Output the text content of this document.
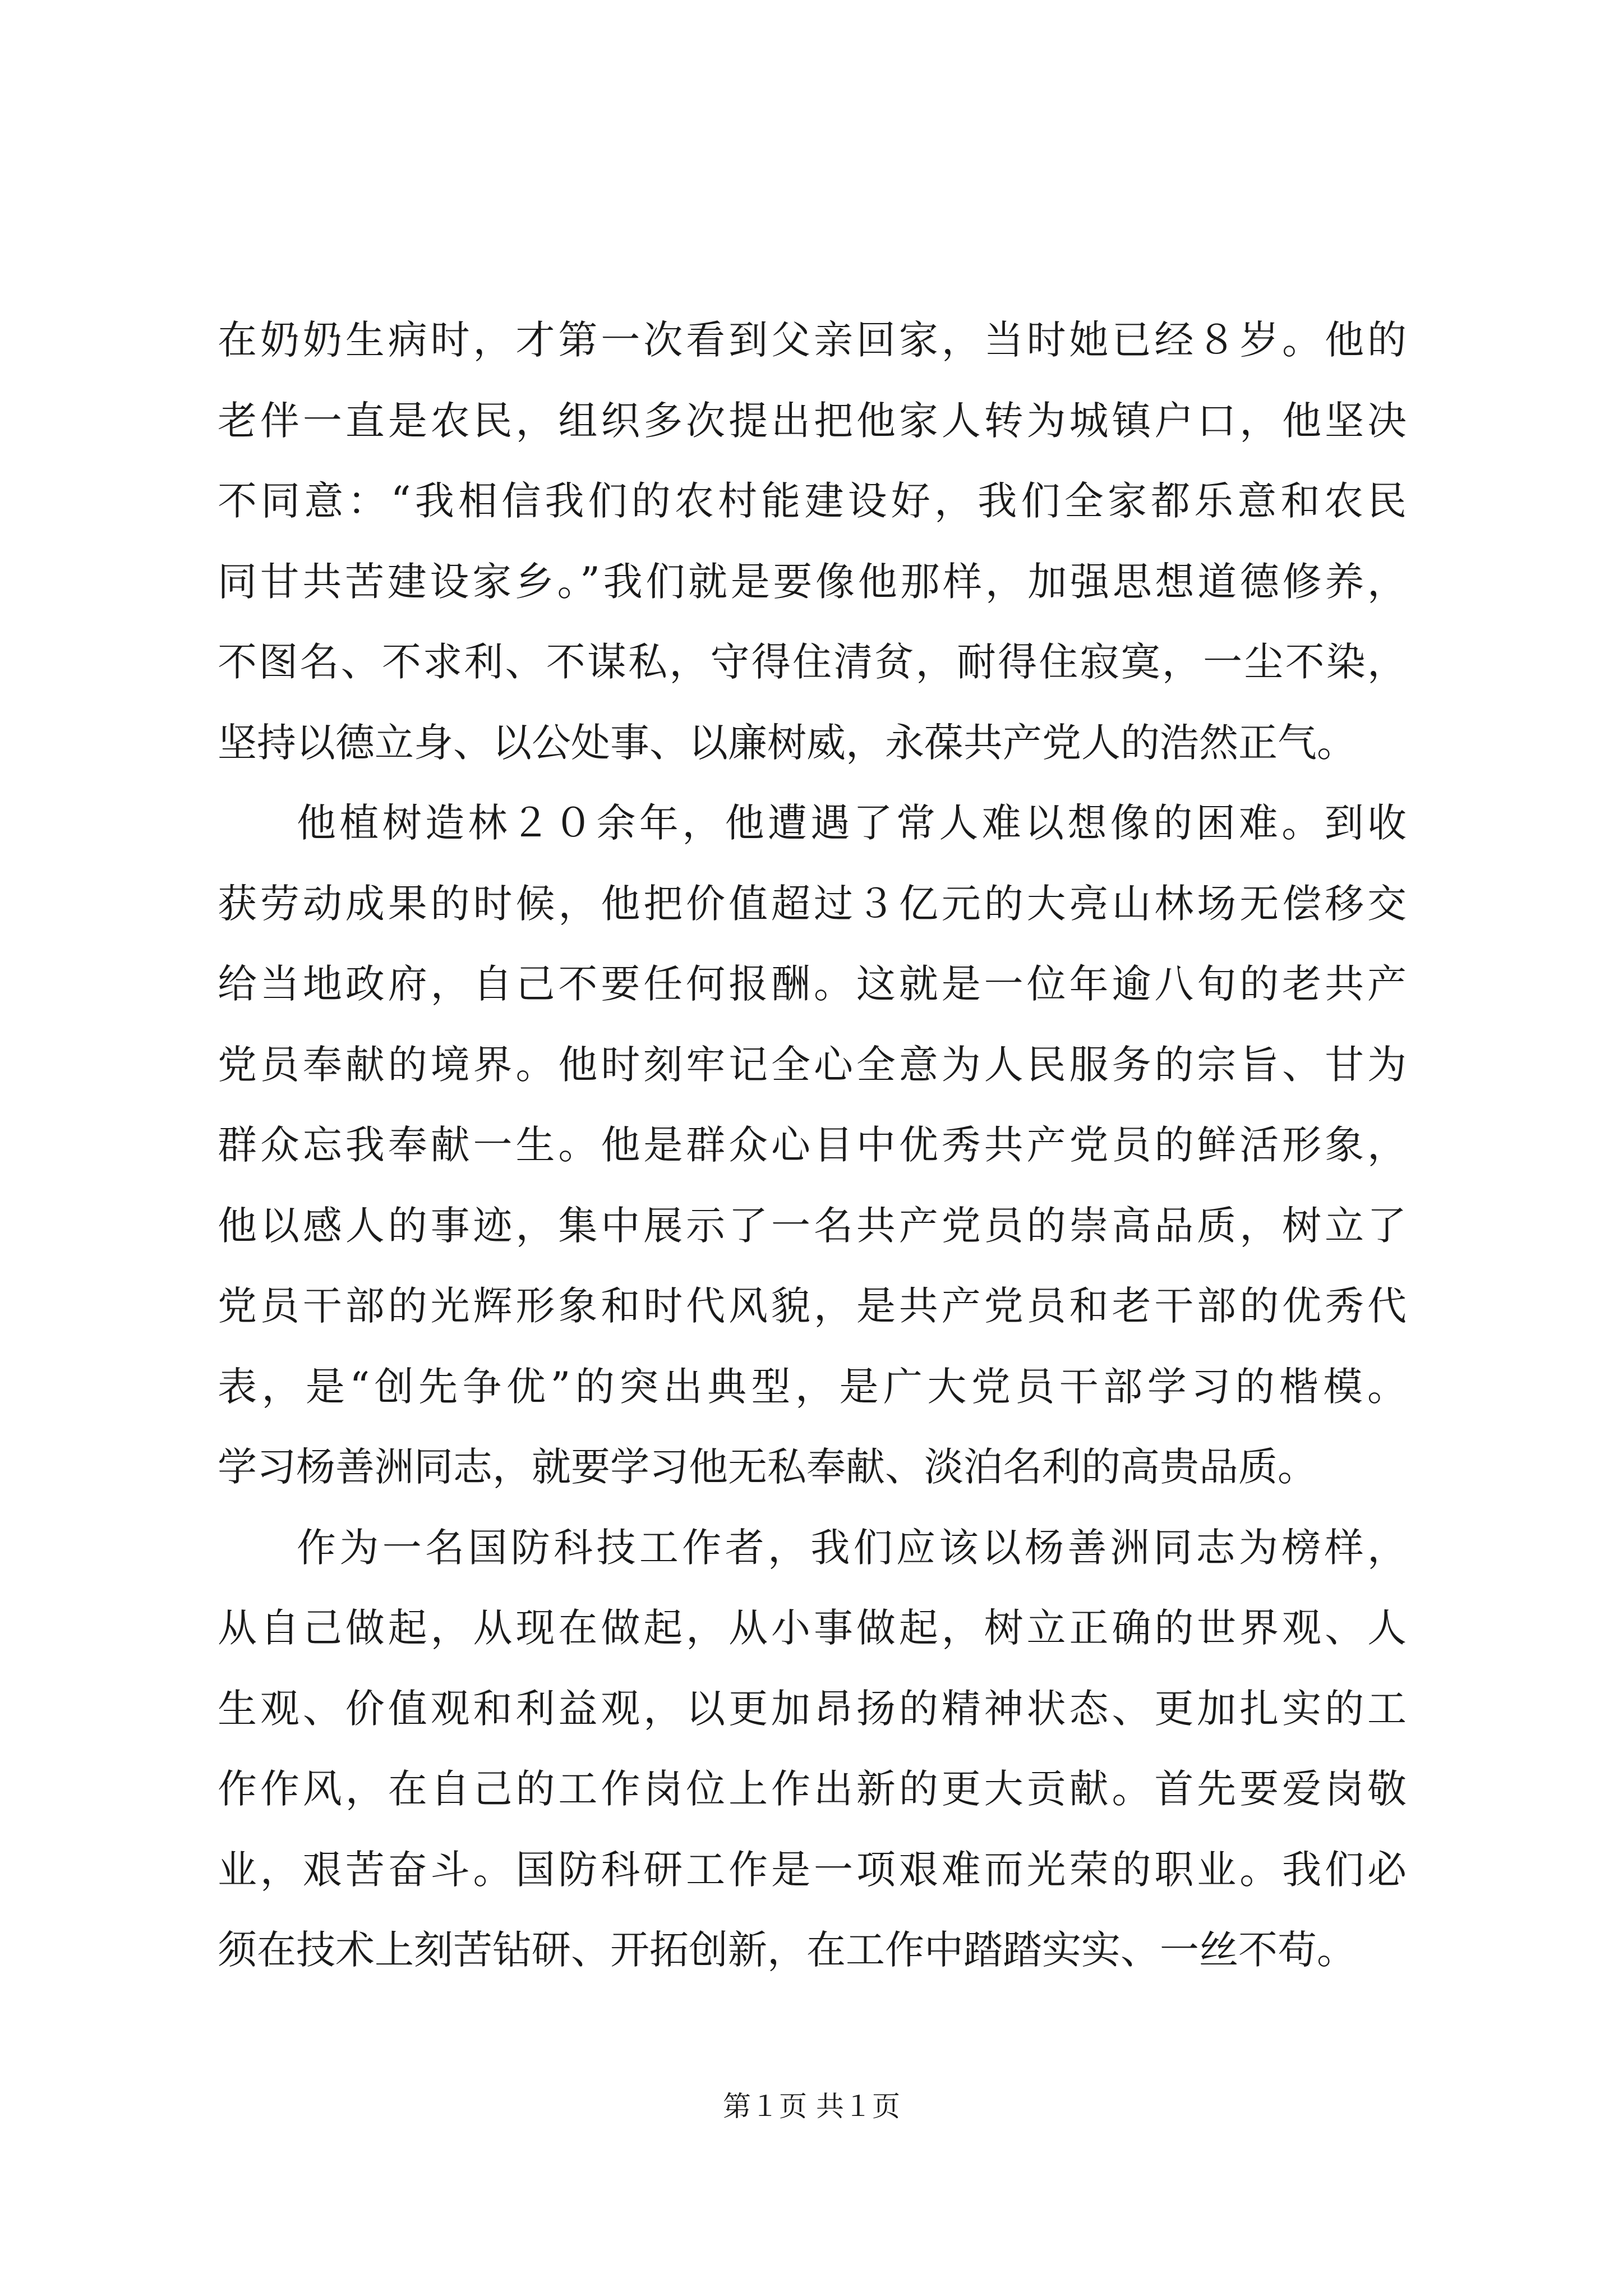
在奶奶生病时，才第一次看到父亲回家，当时她已经８岁。他的
老伴一直是农民，组织多次提出把他家人转为城镇户口，他坚决
不同意：“我相信我们的农村能建设好，我们全家都乐意和农民
同甘共苦建设家乡。”我们就是要像他那样，加强思想道德修养，
不图名、不求利、不谋私，守得住清贫，耐得住寂寞，一尘不染，
坚持以德立身、以公处事、以廉树威，永葆共产党人的浩然正气。
他植树造林２０余年，他遭遇了常人难以想像的困难。到收
获劳动成果的时候，他把价值超过３亿元的大亮山林场无偿移交
给当地政府，自己不要任何报酬。这就是一位年逾八旬的老共产
党员奉献的境界。他时刻牢记全心全意为人民服务的宗旨、甘为
群众忘我奉献一生。他是群众心目中优秀共产党员的鲜活形象，
他以感人的事迹，集中展示了一名共产党员的崇高品质，树立了
党员干部的光辉形象和时代风貌，是共产党员和老干部的优秀代
表，是“创先争优”的突出典型，是广大党员干部学习的楷模。
学习杨善洲同志，就要学习他无私奉献、淡泊名利的高贵品质。
作为一名国防科技工作者，我们应该以杨善洲同志为榜样，
从自己做起，从现在做起，从小事做起，树立正确的世界观、人
生观、价值观和利益观，以更加昂扬的精神状态、更加扎实的工
作作风，在自己的工作岗位上作出新的更大贡献。首先要爱岗敬
业，艰苦奋斗。国防科研工作是一项艰难而光荣的职业。我们必
须在技术上刻苦钻研、开拓创新，在工作中踏踏实实、一丝不苟。
第１页 共１页
